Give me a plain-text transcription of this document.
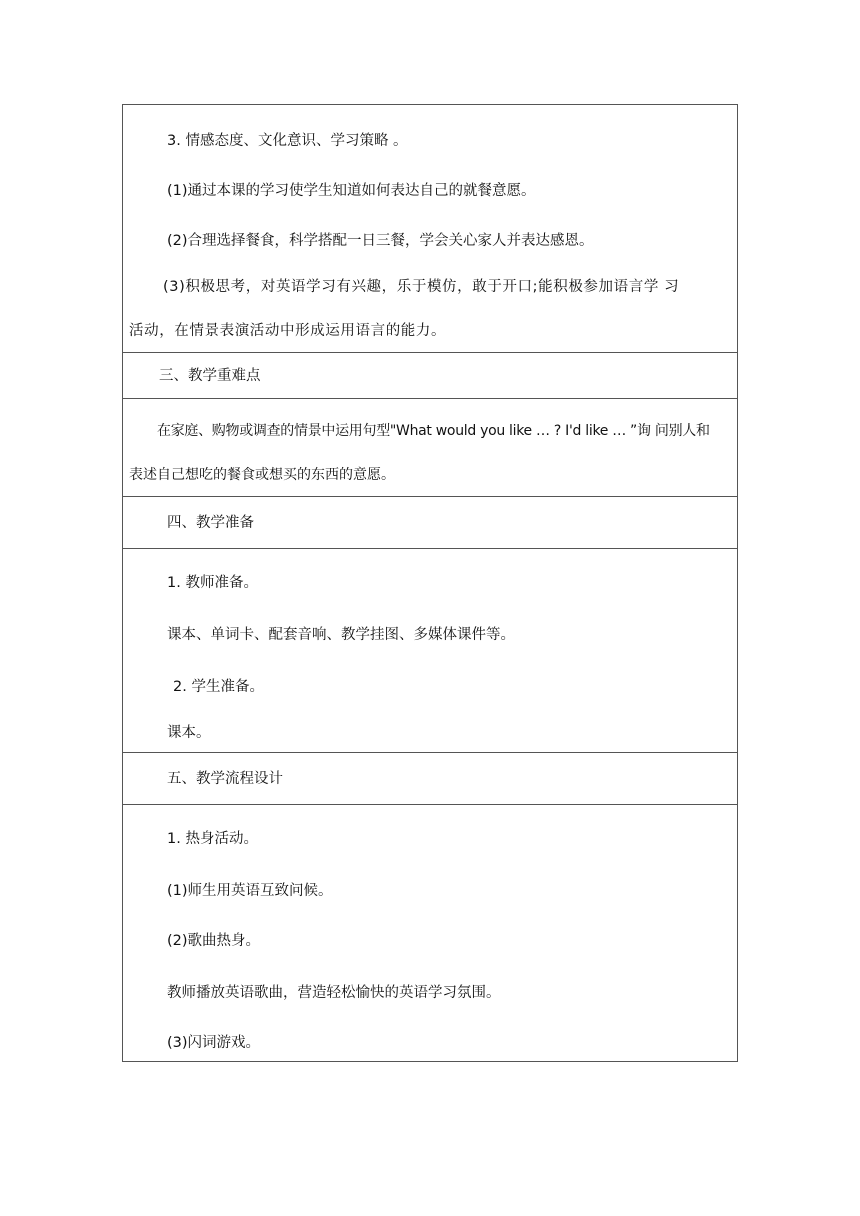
3. 情感态度、文化意识、学习策略 。
(1)通过本课的学习使学生知道如何表达自己的就餐意愿。
(2)合理选择餐食，科学搭配一日三餐，学会关心家人并表达感恩。
(3)积极思考，对英语学习有兴趣，乐于模仿，敢于开口;能积极参加语言学 习
活动，在情景表演活动中形成运用语言的能力。
三、教学重难点
在家庭、购物或调查的情景中运用句型"What would you like … ? I'd like … ”询 问别人和
表述自己想吃的餐食或想买的东西的意愿。
四、教学准备
1. 教师准备。
课本、单词卡、配套音响、教学挂图、多媒体课件等。
2. 学生准备。
课本。
五、教学流程设计
1. 热身活动。
(1)师生用英语互致问候。
(2)歌曲热身。
教师播放英语歌曲，营造轻松愉快的英语学习氛围。
(3)闪词游戏。
